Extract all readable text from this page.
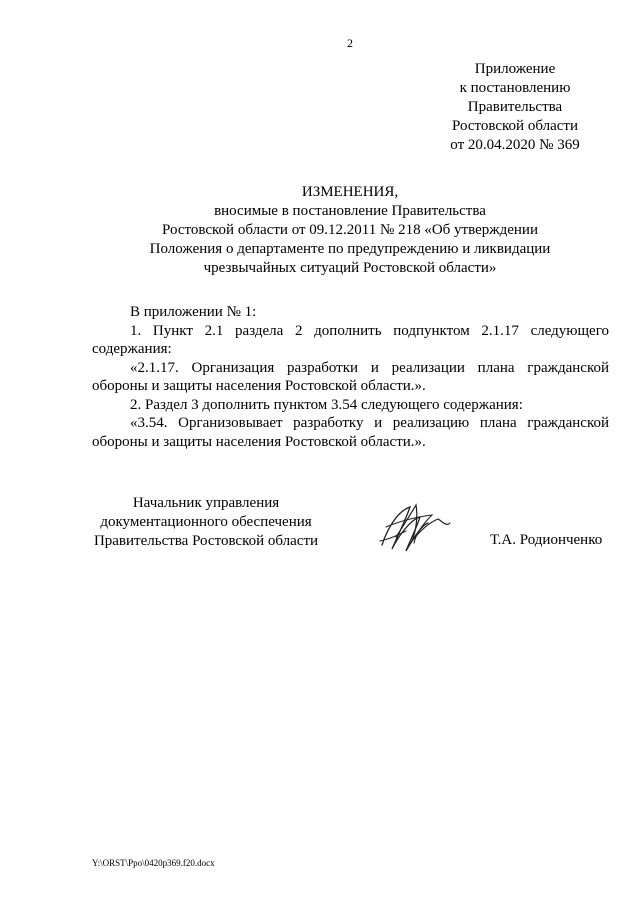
2
Приложение
к постановлению
Правительства
Ростовской области
от 20.04.2020 № 369
ИЗМЕНЕНИЯ,
вносимые в постановление Правительства
Ростовской области от 09.12.2011 № 218 «Об утверждении
Положения о департаменте по предупреждению и ликвидации
чрезвычайных ситуаций Ростовской области»

В приложении № 1:

1. Пункт 2.1 раздела 2 дополнить подпунктом 2.1.17 следующего содержания:

«2.1.17. Организация разработки и реализации плана гражданской обороны и защиты населения Ростовской области.».

2. Раздел 3 дополнить пунктом 3.54 следующего содержания:

«3.54. Организовывает разработку и реализацию плана гражданской обороны и защиты населения Ростовской области.».

Начальник управления
документационного обеспечения
Правительства Ростовской области	Т.А. Родионченко
Y:\ORST\Ppo\0420p369.f20.docx
